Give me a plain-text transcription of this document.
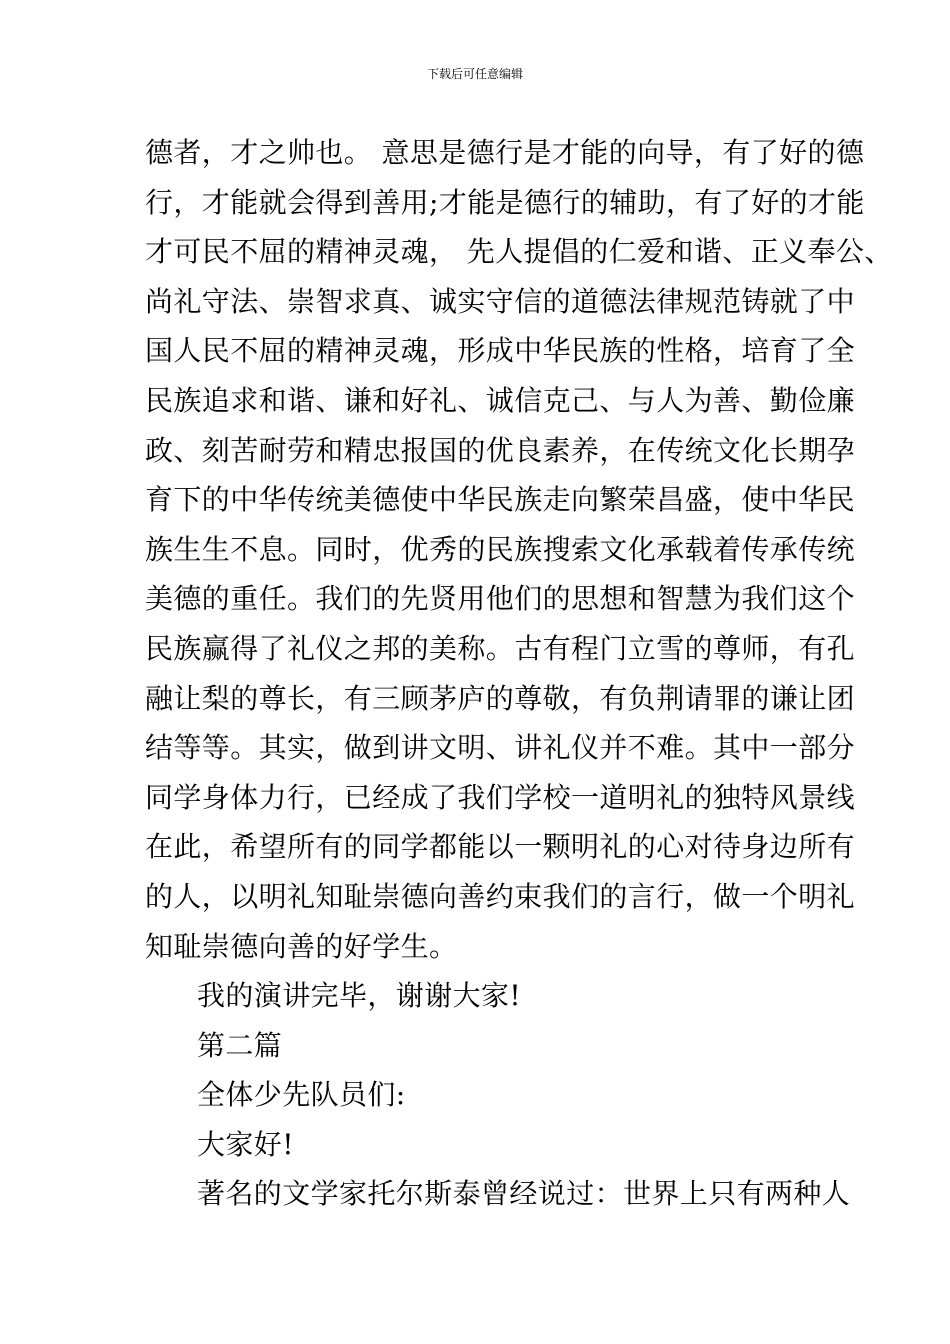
下载后可任意编辑
德者，才之帅也。 意思是德行是才能的向导，有了好的德
行，才能就会得到善用;才能是德行的辅助，有了好的才能
才可民不屈的精神灵魂， 先人提倡的仁爱和谐、正义奉公、
尚礼守法、崇智求真、诚实守信的道德法律规范铸就了中
国人民不屈的精神灵魂，形成中华民族的性格，培育了全
民族追求和谐、谦和好礼、诚信克己、与人为善、勤俭廉
政、刻苦耐劳和精忠报国的优良素养，在传统文化长期孕
育下的中华传统美德使中华民族走向繁荣昌盛，使中华民
族生生不息。同时，优秀的民族搜索文化承载着传承传统
美德的重任。我们的先贤用他们的思想和智慧为我们这个
民族赢得了礼仪之邦的美称。古有程门立雪的尊师，有孔
融让梨的尊长，有三顾茅庐的尊敬，有负荆请罪的谦让团
结等等。其实，做到讲文明、讲礼仪并不难。其中一部分
同学身体力行，已经成了我们学校一道明礼的独特风景线
在此，希望所有的同学都能以一颗明礼的心对待身边所有
的人，以明礼知耻崇德向善约束我们的言行，做一个明礼
知耻崇德向善的好学生。
我的演讲完毕，谢谢大家!
第二篇
全体少先队员们:
大家好!
著名的文学家托尔斯泰曾经说过：世界上只有两种人
